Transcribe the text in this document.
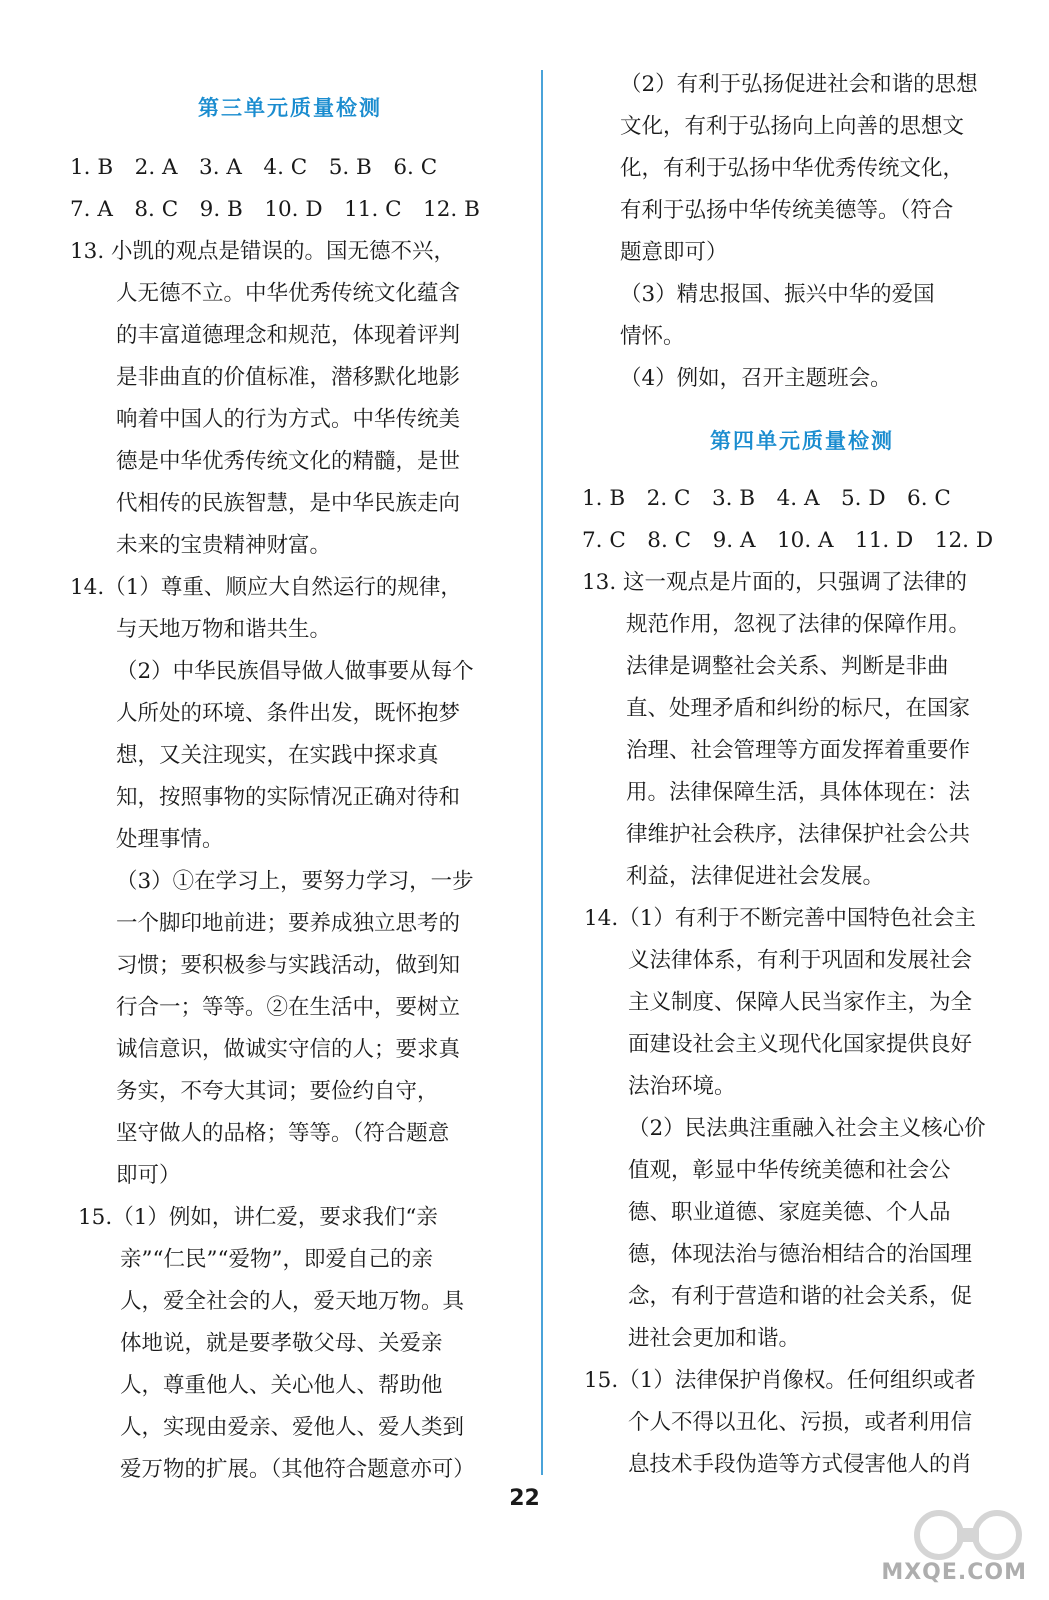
第三单元质量检测
1. B　2. A　3. A　4. C　5. B　6. C
7. A　8. C　9. B　10. D　11. C　12. B
13. 小凯的观点是错误的。国无德不兴，
人无德不立。中华优秀传统文化蕴含
的丰富道德理念和规范，体现着评判
是非曲直的价值标准，潜移默化地影
响着中国人的行为方式。中华传统美
德是中华优秀传统文化的精髓，是世
代相传的民族智慧，是中华民族走向
未来的宝贵精神财富。
14.（1）尊重、顺应大自然运行的规律，
与天地万物和谐共生。
（2）中华民族倡导做人做事要从每个
人所处的环境、条件出发，既怀抱梦
想，又关注现实，在实践中探求真
知，按照事物的实际情况正确对待和
处理事情。
（3）①在学习上，要努力学习，一步
一个脚印地前进；要养成独立思考的
习惯；要积极参与实践活动，做到知
行合一；等等。②在生活中，要树立
诚信意识，做诚实守信的人；要求真
务实，不夸大其词；要俭约自守，
坚守做人的品格；等等。（符合题意
即可）
15.（1）例如，讲仁爱，要求我们“亲
亲”“仁民”“爱物”，即爱自己的亲
人，爱全社会的人，爱天地万物。具
体地说，就是要孝敬父母、关爱亲
人，尊重他人、关心他人、帮助他
人，实现由爱亲、爱他人、爱人类到
爱万物的扩展。（其他符合题意亦可）
（2）有利于弘扬促进社会和谐的思想
文化，有利于弘扬向上向善的思想文
化，有利于弘扬中华优秀传统文化，
有利于弘扬中华传统美德等。（符合
题意即可）
（3）精忠报国、振兴中华的爱国
情怀。
（4）例如，召开主题班会。
第四单元质量检测
1. B　2. C　3. B　4. A　5. D　6. C
7. C　8. C　9. A　10. A　11. D　12. D
13. 这一观点是片面的，只强调了法律的
规范作用，忽视了法律的保障作用。
法律是调整社会关系、判断是非曲
直、处理矛盾和纠纷的标尺，在国家
治理、社会管理等方面发挥着重要作
用。法律保障生活，具体体现在：法
律维护社会秩序，法律保护社会公共
利益，法律促进社会发展。
14.（1）有利于不断完善中国特色社会主
义法律体系，有利于巩固和发展社会
主义制度、保障人民当家作主，为全
面建设社会主义现代化国家提供良好
法治环境。
（2）民法典注重融入社会主义核心价
值观，彰显中华传统美德和社会公
德、职业道德、家庭美德、个人品
德，体现法治与德治相结合的治国理
念，有利于营造和谐的社会关系，促
进社会更加和谐。
15.（1）法律保护肖像权。任何组织或者
个人不得以丑化、污损，或者利用信
息技术手段伪造等方式侵害他人的肖
22
MXQE.COM
